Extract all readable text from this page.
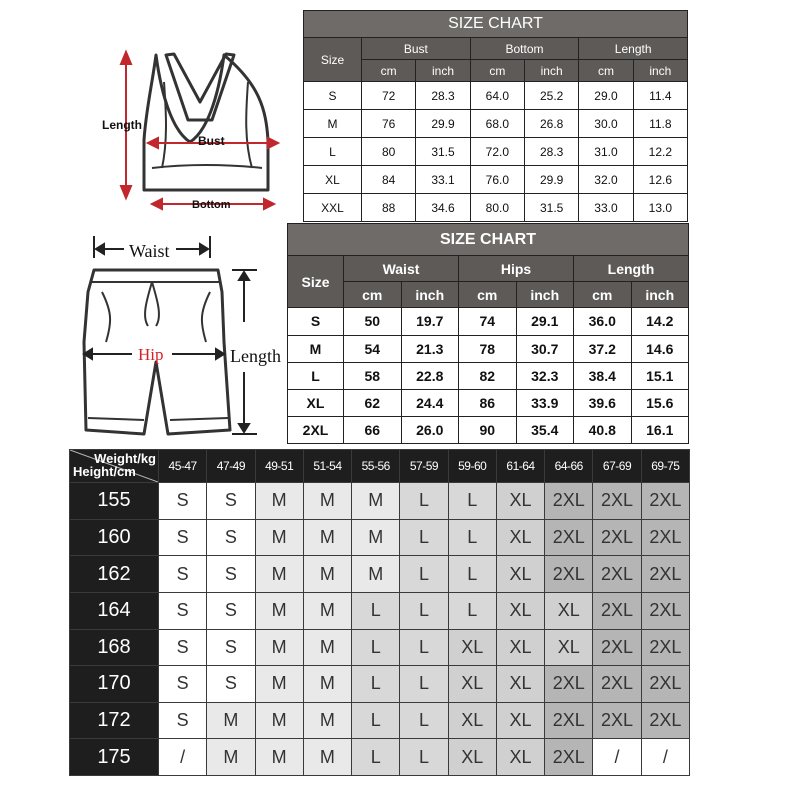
Length
Bust
Bottom
Waist
Hip	Length
SIZE CHART						
Size	Bust		Bottom		Length	
	cm	inch	cm	inch	cm	inch
S	72	28.3	64.0	25.2	29.0	11.4
M	76	29.9	68.0	26.8	30.0	11.8
L	80	31.5	72.0	28.3	31.0	12.2
XL	84	33.1	76.0	29.9	32.0	12.6
XXL	88	34.6	80.0	31.5	33.0	13.0
SIZE CHART						
Size	Waist		Hips		Length	
	cm	inch	cm	inch	cm	inch
S	50	19.7	74	29.1	36.0	14.2
M	54	21.3	78	30.7	37.2	14.6
L	58	22.8	82	32.3	38.4	15.1
XL	62	24.4	86	33.9	39.6	15.6
2XL	66	26.0	90	35.4	40.8	16.1
Weight/kg
Height/cm	45-47	47-49	49-51	51-54	55-56	57-59	59-60	61-64	64-66	67-69	69-75
155	S	S	M	M	M	L	L	XL	2XL	2XL	2XL
160	S	S	M	M	M	L	L	XL	2XL	2XL	2XL
162	S	S	M	M	M	L	L	XL	2XL	2XL	2XL
164	S	S	M	M	L	L	L	XL	XL	2XL	2XL
168	S	S	M	M	L	L	XL	XL	XL	2XL	2XL
170	S	S	M	M	L	L	XL	XL	2XL	2XL	2XL
172	S	M	M	M	L	L	XL	XL	2XL	2XL	2XL
175	/	M	M	M	L	L	XL	XL	2XL	/	/
